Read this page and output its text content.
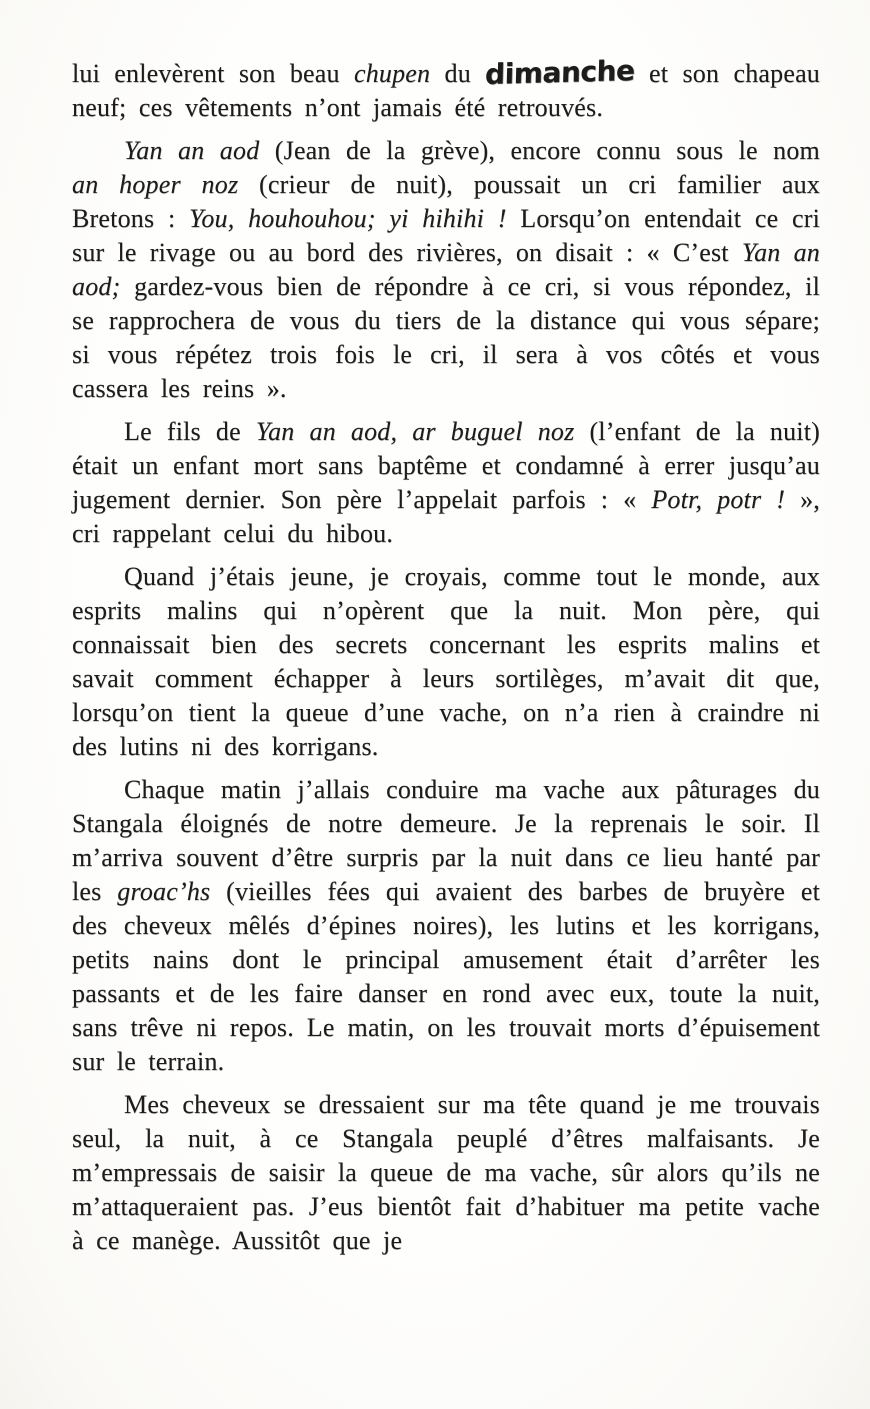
lui enlevèrent son beau chupen du dimanche et son chapeau neuf; ces vêtements n’ont jamais été retrouvés.

Yan an aod (Jean de la grève), encore connu sous le nom an hoper noz (crieur de nuit), poussait un cri familier aux Bretons : You, houhouhou; yi hihihi ! Lorsqu’on entendait ce cri sur le rivage ou au bord des rivières, on disait : « C’est Yan an aod; gardez-vous bien de répondre à ce cri, si vous répondez, il se rapprochera de vous du tiers de la distance qui vous sépare; si vous répétez trois fois le cri, il sera à vos côtés et vous cassera les reins ».

Le fils de Yan an aod, ar buguel noz (l’enfant de la nuit) était un enfant mort sans baptême et condamné à errer jusqu’au jugement dernier. Son père l’appelait parfois : « Potr, potr ! », cri rappelant celui du hibou.

Quand j’étais jeune, je croyais, comme tout le monde, aux esprits malins qui n’opèrent que la nuit. Mon père, qui connaissait bien des secrets concernant les esprits malins et savait comment échapper à leurs sortilèges, m’avait dit que, lorsqu’on tient la queue d’une vache, on n’a rien à craindre ni des lutins ni des korrigans.

Chaque matin j’allais conduire ma vache aux pâturages du Stangala éloignés de notre demeure. Je la reprenais le soir. Il m’arriva souvent d’être surpris par la nuit dans ce lieu hanté par les groac’hs (vieilles fées qui avaient des barbes de bruyère et des cheveux mêlés d’épines noires), les lutins et les korrigans, petits nains dont le principal amusement était d’arrêter les passants et de les faire danser en rond avec eux, toute la nuit, sans trêve ni repos. Le matin, on les trouvait morts d’épuisement sur le terrain.

Mes cheveux se dressaient sur ma tête quand je me trouvais seul, la nuit, à ce Stangala peuplé d’êtres malfaisants. Je m’empressais de saisir la queue de ma vache, sûr alors qu’ils ne m’attaqueraient pas. J’eus bientôt fait d’habituer ma petite vache à ce manège. Aussitôt que je
